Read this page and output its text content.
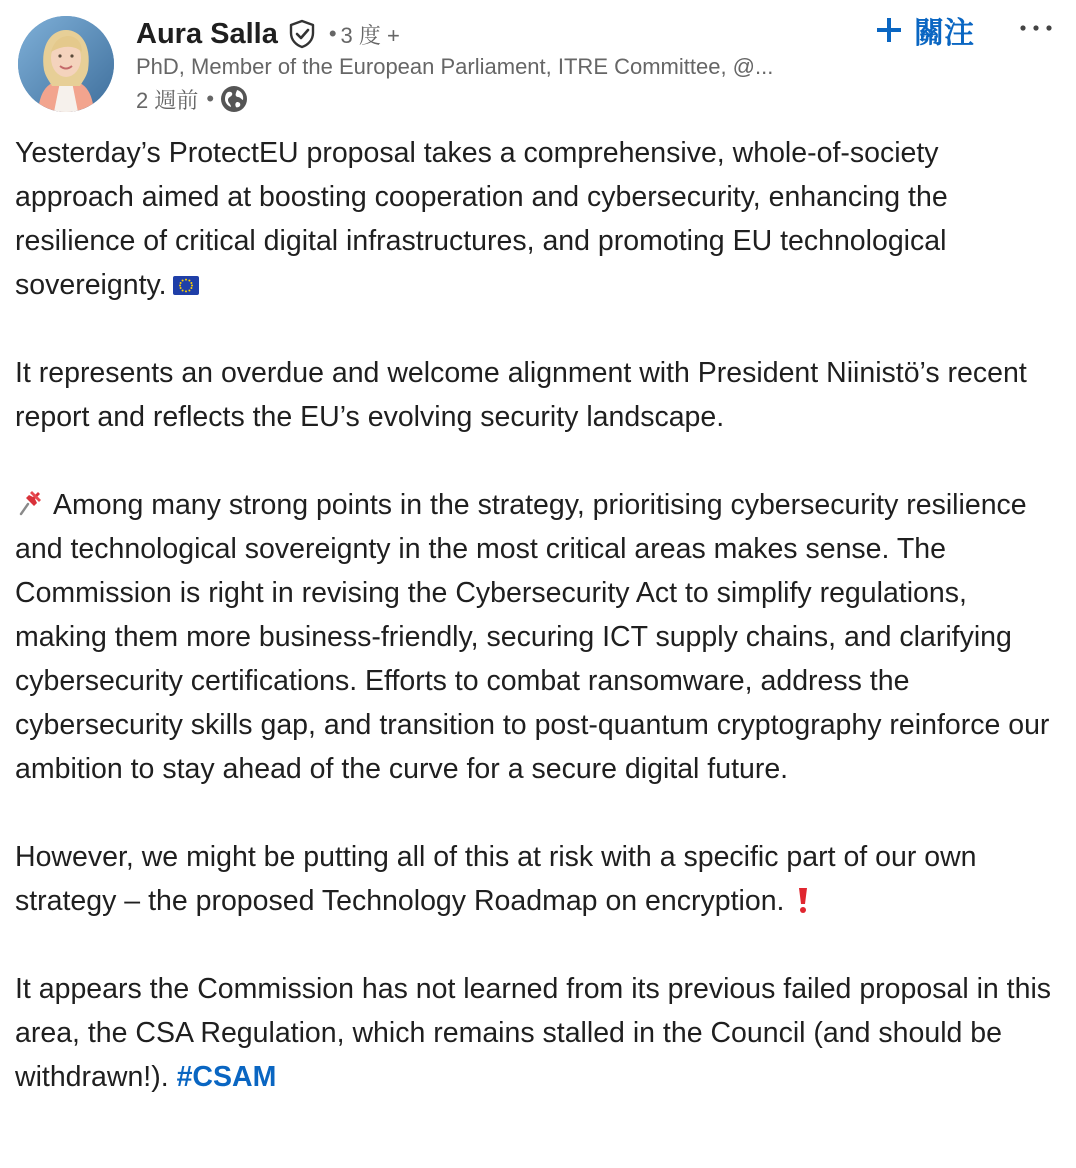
Aura Salla • 3 度 +
PhD, Member of the European Parliament, ITRE Committee, @...
2 週前 •
關注

Yesterday’s ProtectEU proposal takes a comprehensive, whole-of-society approach aimed at boosting cooperation and cybersecurity, enhancing the resilience of critical digital infrastructures, and promoting EU technological sovereignty.

It represents an overdue and welcome alignment with President Niinistö’s recent report and reflects the EU’s evolving security landscape.

Among many strong points in the strategy, prioritising cybersecurity resilience and technological sovereignty in the most critical areas makes sense. The Commission is right in revising the Cybersecurity Act to simplify regulations, making them more business-friendly, securing ICT supply chains, and clarifying cybersecurity certifications. Efforts to combat ransomware, address the cybersecurity skills gap, and transition to post-quantum cryptography reinforce our ambition to stay ahead of the curve for a secure digital future.

However, we might be putting all of this at risk with a specific part of our own strategy – the proposed Technology Roadmap on encryption.

It appears the Commission has not learned from its previous failed proposal in this area, the CSA Regulation, which remains stalled in the Council (and should be withdrawn!). #CSAM
